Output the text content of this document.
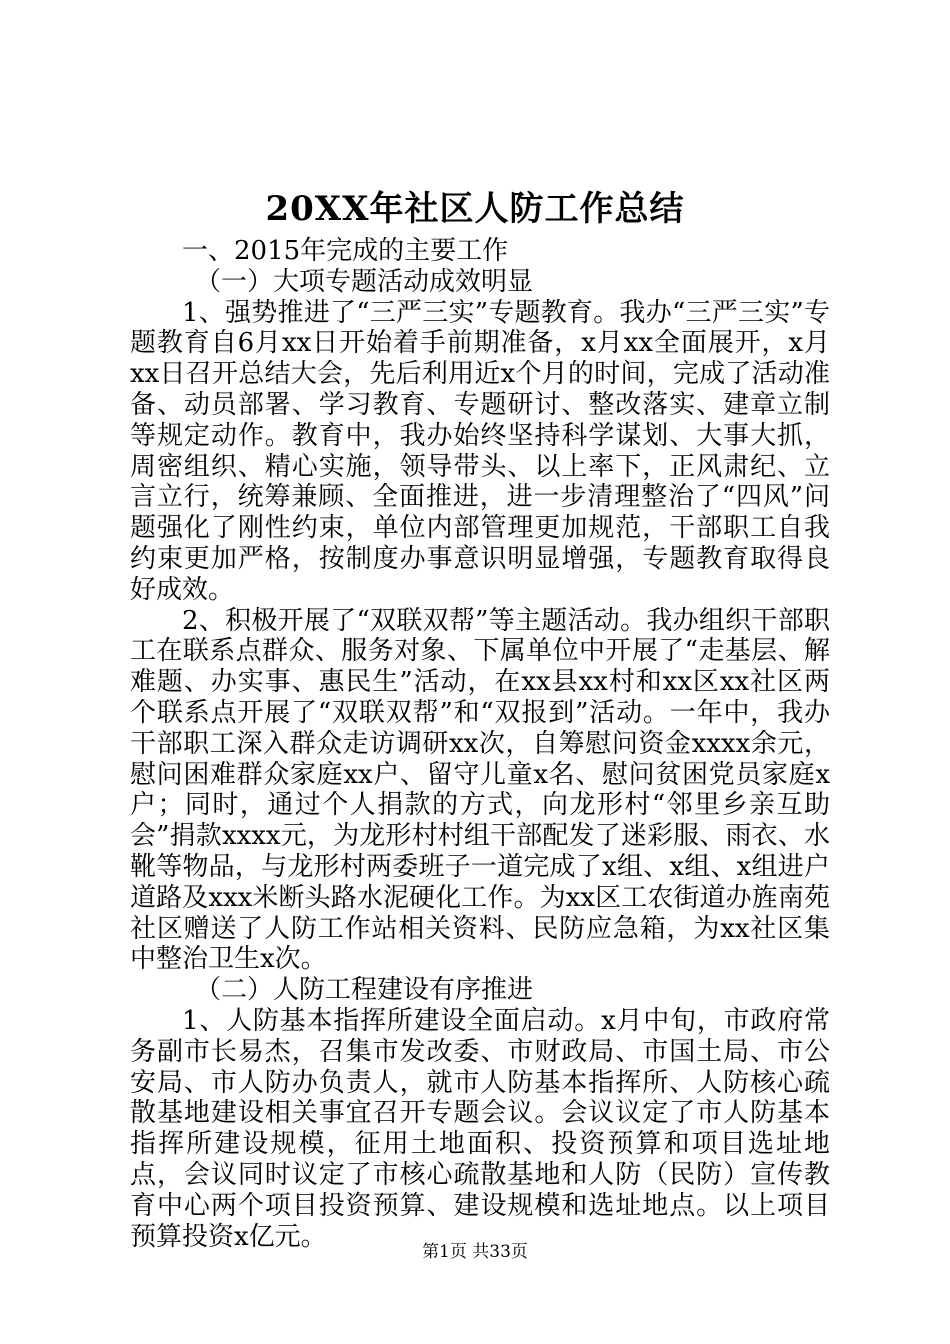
20XX年社区人防工作总结

一、2015年完成的主要工作

（一）大项专题活动成效明显

1、强势推进了“三严三实”专题教育。我办“三严三实”专题教育自6月xx日开始着手前期准备，x月xx全面展开，x月xx日召开总结大会，先后利用近x个月的时间，完成了活动准备、动员部署、学习教育、专题研讨、整改落实、建章立制等规定动作。教育中，我办始终坚持科学谋划、大事大抓，周密组织、精心实施，领导带头、以上率下，正风肃纪、立言立行，统筹兼顾、全面推进，进一步清理整治了“四风”问题强化了刚性约束，单位内部管理更加规范，干部职工自我约束更加严格，按制度办事意识明显增强，专题教育取得良好成效。

2、积极开展了“双联双帮”等主题活动。我办组织干部职工在联系点群众、服务对象、下属单位中开展了“走基层、解难题、办实事、惠民生”活动，在xx县xx村和xx区xx社区两个联系点开展了“双联双帮”和“双报到”活动。一年中，我办干部职工深入群众走访调研xx次，自筹慰问资金xxxx余元，慰问困难群众家庭xx户、留守儿童x名、慰问贫困党员家庭x户；同时，通过个人捐款的方式，向龙形村“邻里乡亲互助会”捐款xxxx元，为龙形村村组干部配发了迷彩服、雨衣、水靴等物品，与龙形村两委班子一道完成了x组、x组、x组进户道路及xxx米断头路水泥硬化工作。为xx区工农街道办旌南苑社区赠送了人防工作站相关资料、民防应急箱，为xx社区集中整治卫生x次。

（二）人防工程建设有序推进

1、人防基本指挥所建设全面启动。x月中旬，市政府常务副市长易杰，召集市发改委、市财政局、市国土局、市公安局、市人防办负责人，就市人防基本指挥所、人防核心疏散基地建设相关事宜召开专题会议。会议议定了市人防基本指挥所建设规模，征用土地面积、投资预算和项目选址地点，会议同时议定了市核心疏散基地和人防（民防）宣传教育中心两个项目投资预算、建设规模和选址地点。以上项目预算投资x亿元。

第1页 共33页
